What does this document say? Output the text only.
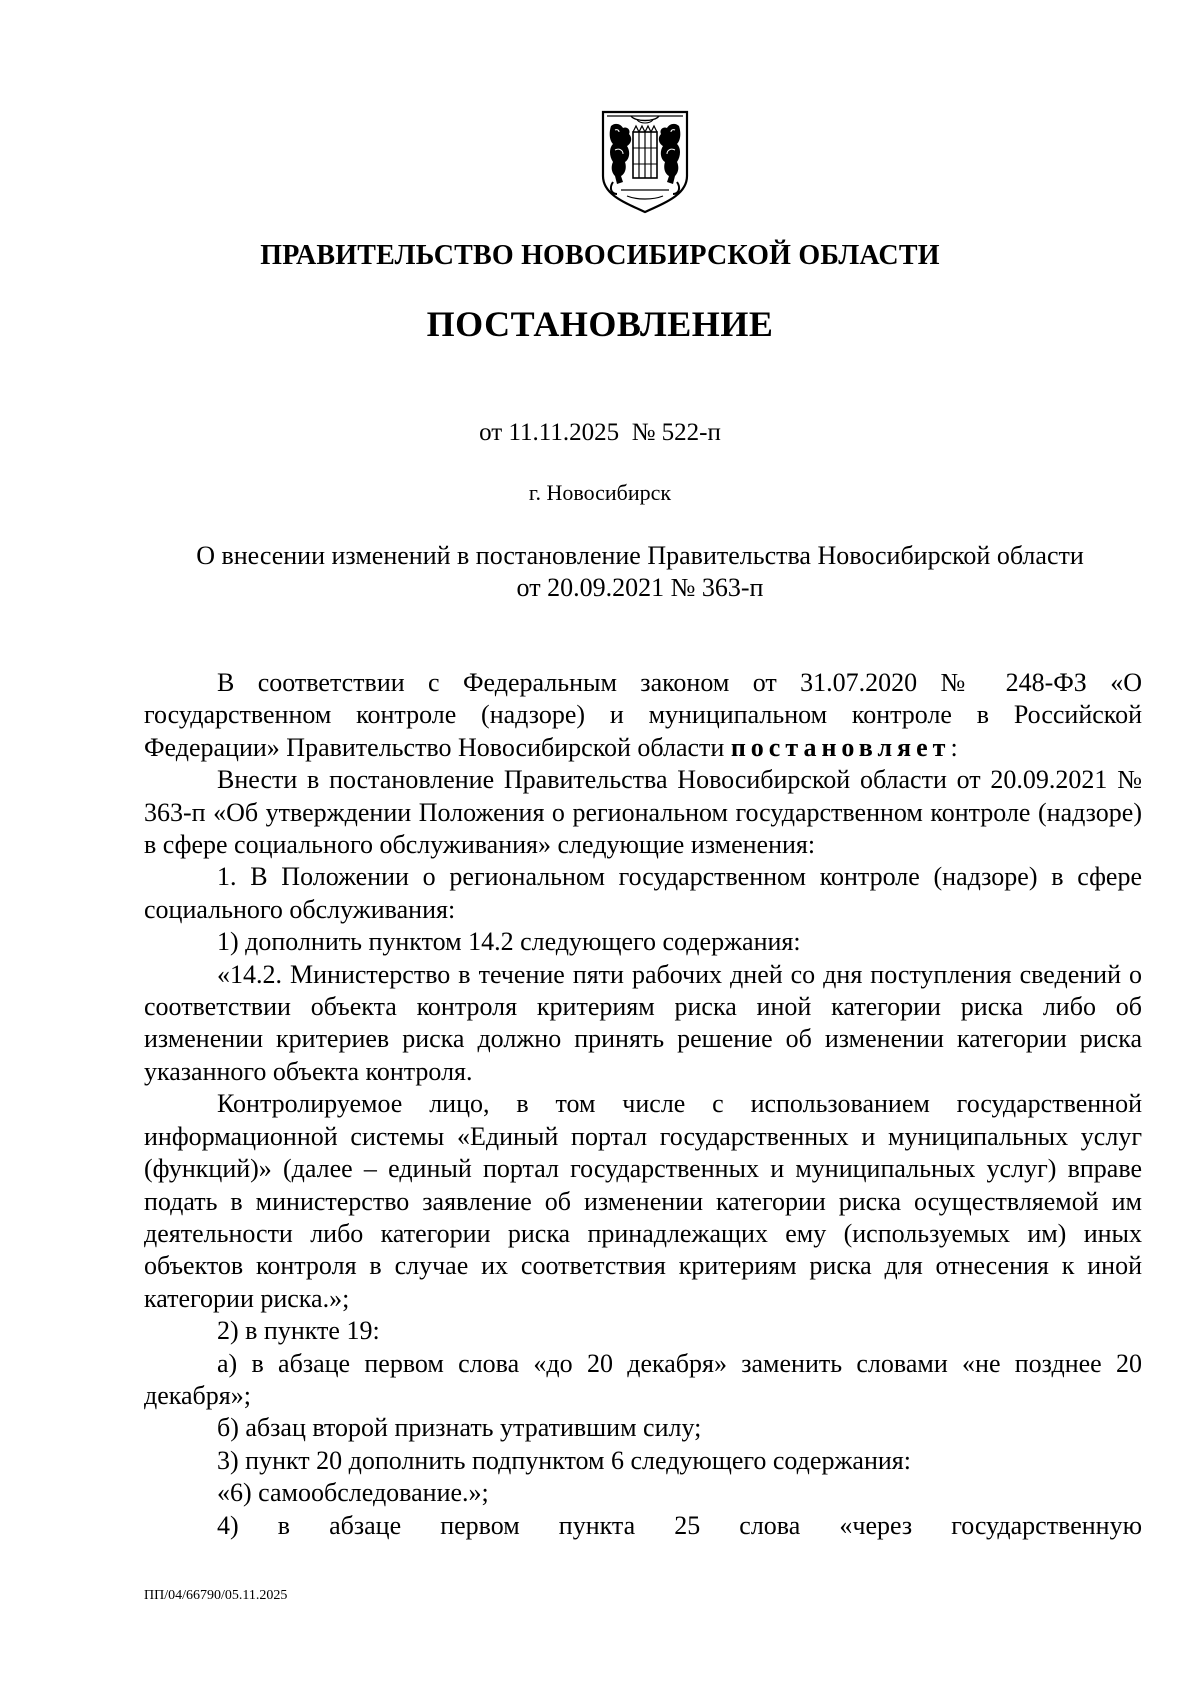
ПРАВИТЕЛЬСТВО НОВОСИБИРСКОЙ ОБЛАСТИ
ПОСТАНОВЛЕНИЕ
от 11.11.2025  № 522-п
г. Новосибирск
О внесении изменений в постановление Правительства Новосибирской области
от 20.09.2021 № 363-п

В соответствии с Федеральным законом от 31.07.2020 № 248-ФЗ «О государственном контроле (надзоре) и муниципальном контроле в Российской Федерации» Правительство Новосибирской области постановляет:

Внести в постановление Правительства Новосибирской области от 20.09.2021 № 363-п «Об утверждении Положения о региональном государственном контроле (надзоре) в сфере социального обслуживания» следующие изменения:

1. В Положении о региональном государственном контроле (надзоре) в сфере социального обслуживания:

1) дополнить пунктом 14.2 следующего содержания:

«14.2. Министерство в течение пяти рабочих дней со дня поступления сведений о соответствии объекта контроля критериям риска иной категории риска либо об изменении критериев риска должно принять решение об изменении категории риска указанного объекта контроля.

Контролируемое лицо, в том числе с использованием государственной информационной системы «Единый портал государственных и муниципальных услуг (функций)» (далее – единый портал государственных и муниципальных услуг) вправе подать в министерство заявление об изменении категории риска осуществляемой им деятельности либо категории риска принадлежащих ему (используемых им) иных объектов контроля в случае их соответствия критериям риска для отнесения к иной категории риска.»;

2) в пункте 19:

а) в абзаце первом слова «до 20 декабря» заменить словами «не позднее 20 декабря»;

б) абзац второй признать утратившим силу;

3) пункт 20 дополнить подпунктом 6 следующего содержания:

«6) самообследование.»;

4) в абзаце первом пункта 25 слова «через государственную

ПП/04/66790/05.11.2025
